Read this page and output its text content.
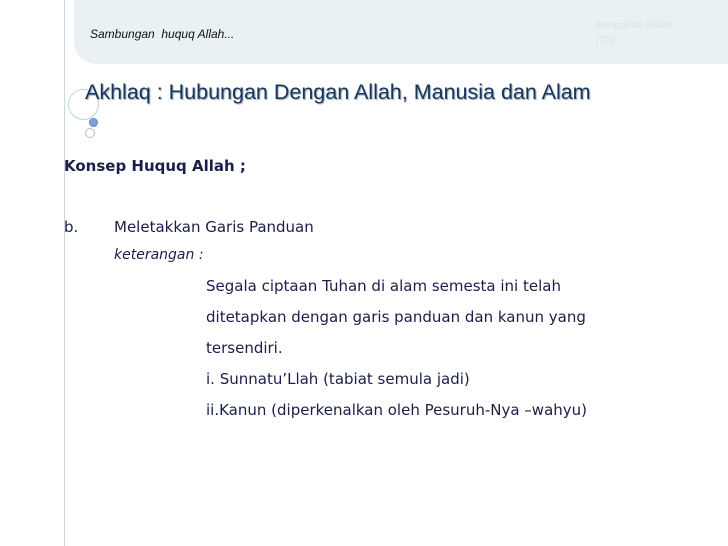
Sambungan  huquq Allah...
Pengajian Islam
(T2)
Akhlaq : Hubungan Dengan Allah, Manusia dan Alam
Konsep Huquq Allah ;
b. Meletakkan Garis Panduan
keterangan :
Segala ciptaan Tuhan di alam semesta ini telah
ditetapkan dengan garis panduan dan kanun yang
tersendiri.
i. Sunnatu’Llah (tabiat semula jadi)
ii.Kanun (diperkenalkan oleh Pesuruh-Nya –wahyu)
